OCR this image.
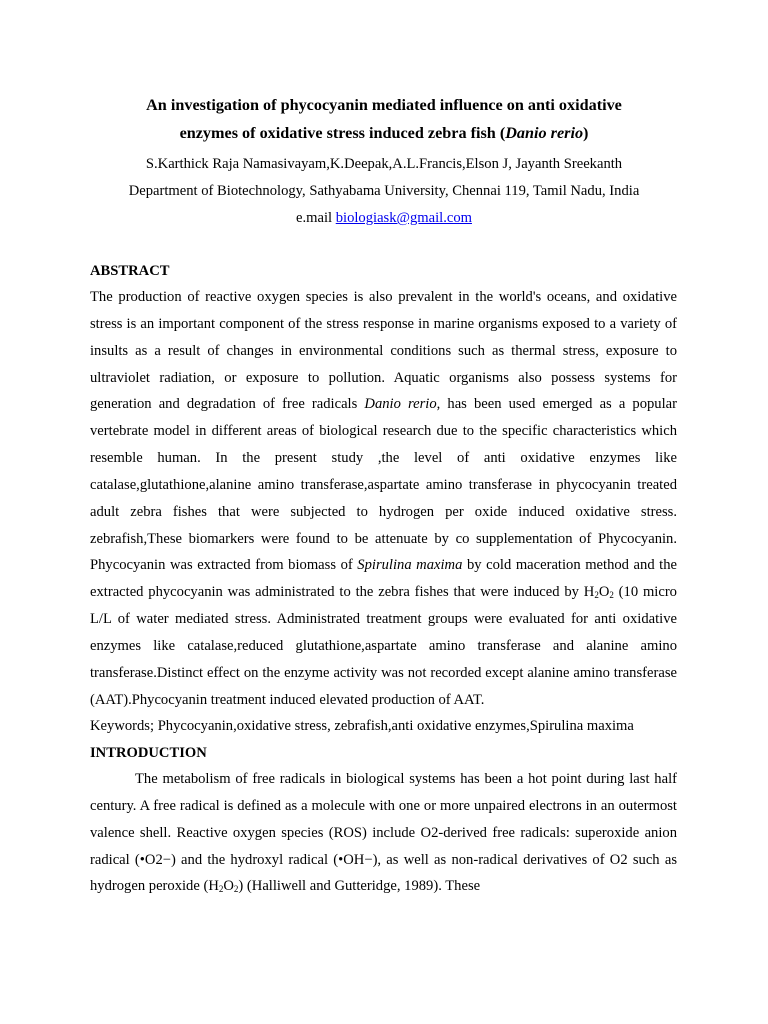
An investigation of phycocyanin mediated influence on anti oxidative
enzymes of oxidative stress induced zebra fish (Danio rerio)
S.Karthick Raja Namasivayam,K.Deepak,A.L.Francis,Elson J, Jayanth Sreekanth
Department of Biotechnology, Sathyabama University, Chennai 119, Tamil Nadu, India
e.mail biologiask@gmail.com
ABSTRACT

The production of reactive oxygen species is also prevalent in the world's oceans, and oxidative stress is an important component of the stress response in marine organisms exposed to a variety of insults as a result of changes in environmental conditions such as thermal stress, exposure to ultraviolet radiation, or exposure to pollution. Aquatic organisms also possess systems for generation and degradation of free radicals Danio rerio, has been used emerged as a popular vertebrate model in different areas of biological research due to the specific characteristics which resemble human. In the present study ,the level of anti oxidative enzymes like catalase,glutathione,alanine amino transferase,aspartate amino transferase in phycocyanin treated adult zebra fishes that were subjected to hydrogen per oxide induced oxidative stress. zebrafish,These biomarkers were found to be attenuate by co supplementation of Phycocyanin. Phycocyanin was extracted from biomass of Spirulina maxima by cold maceration method and the extracted phycocyanin was administrated to the zebra fishes that were induced by $H_2O_2$ (10 micro L/L of water mediated stress. Administrated treatment groups were evaluated for anti oxidative enzymes like catalase,reduced glutathione,aspartate amino transferase and alanine amino transferase.Distinct effect on the enzyme activity was not recorded except alanine amino transferase (AAT).Phycocyanin treatment induced elevated production of AAT.

Keywords; Phycocyanin,oxidative stress, zebrafish,anti oxidative enzymes,Spirulina maxima
INTRODUCTION

The metabolism of free radicals in biological systems has been a hot point during last half century. A free radical is defined as a molecule with one or more unpaired electrons in an outermost valence shell. Reactive oxygen species (ROS) include O2-derived free radicals: superoxide anion radical (•O2−) and the hydroxyl radical (•OH−), as well as non-radical derivatives of O2 such as hydrogen peroxide $(H_2O_2)$ (Halliwell and Gutteridge, 1989). These
